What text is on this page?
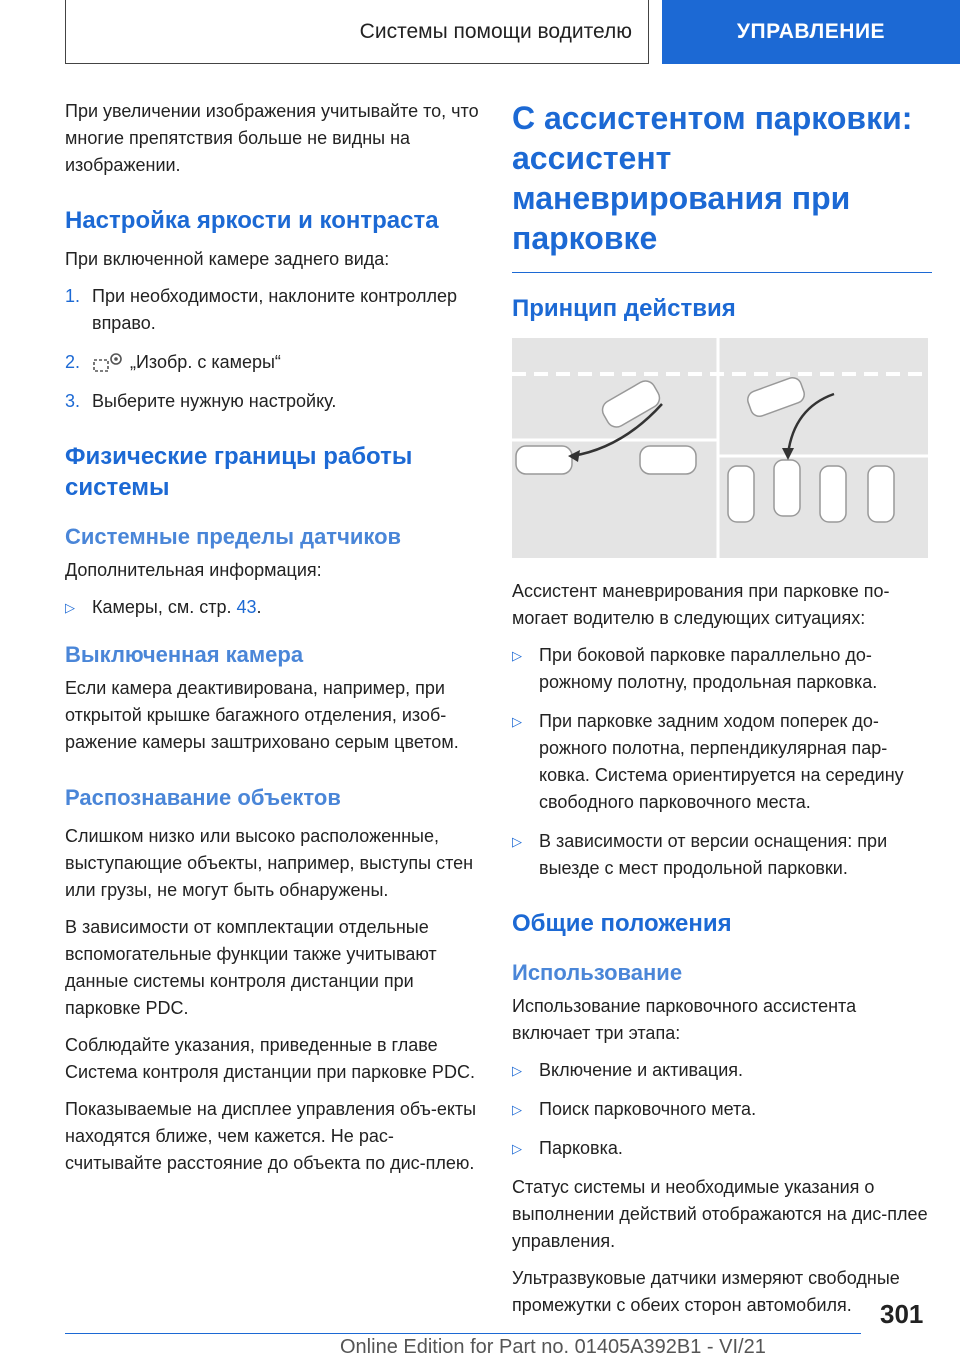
Системы помощи водителю	УПРАВЛЕНИЕ

При увеличении изображения учитывайте то, что многие препятствия больше не видны на изображении.

Настройка яркости и контраста

При включенной камере заднего вида:

1. При необходимости, наклоните контроллер вправо.
2.	„Изобр. с камеры“
3. Выберите нужную настройку.
Физические границы работы системы
Системные пределы датчиков

Дополнительная информация:

▷ Камеры, см. стр. 43.
Выключенная камера

Если камера деактивирована, например, при открытой крышке багажного отделения, изоб-ражение камеры заштриховано серым цветом.

Распознавание объектов

Слишком низко или высоко расположенные, выступающие объекты, например, выступы стен или грузы, не могут быть обнаружены.

В зависимости от комплектации отдельные вспомогательные функции также учитывают данные системы контроля дистанции при парковке PDC.

Соблюдайте указания, приведенные в главе Система контроля дистанции при парковке PDC.

Показываемые на дисплее управления объ-екты находятся ближе, чем кажется. Не рас-считывайте расстояние до объекта по дис-плею.

С ассистентом парковки: ассистент маневрирования при парковке
Принцип действия

Ассистент маневрирования при парковке по-могает водителю в следующих ситуациях:

▷ При боковой парковке параллельно до-рожному полотну, продольная парковка.
▷ При парковке задним ходом поперек до-рожного полотна, перпендикулярная пар-ковка. Система ориентируется на середину свободного парковочного места.
▷ В зависимости от версии оснащения: при выезде с мест продольной парковки.
Общие положения
Использование

Использование парковочного ассистента включает три этапа:

▷ Включение и активация.
▷ Поиск парковочного мета.
▷ Парковка.

Статус системы и необходимые указания о выполнении действий отображаются на дис-плее управления.

Ультразвуковые датчики измеряют свободные промежутки с обеих сторон автомобиля.	301
Online Edition for Part no. 01405A392B1 - VI/21
